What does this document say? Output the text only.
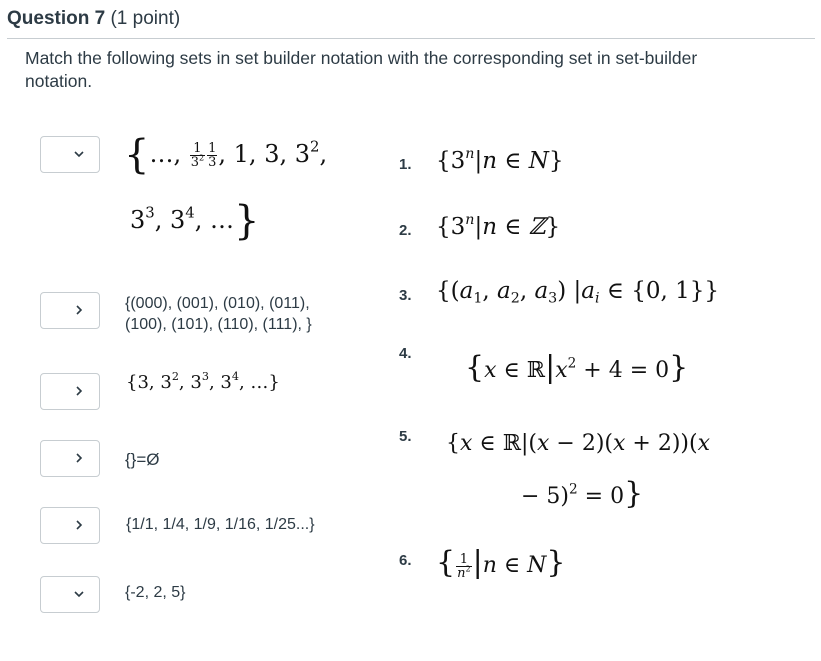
Question 7 (1 point)
Match the following sets in set builder notation with the corresponding set in set-builder notation.
{…, $\frac{1}{3^2} \frac{1}{3}$ , 1, 3, $3^2$,
$3^3$, $3^4$, …}
{(000), (001), (010), (011),
(100), (101), (110), (111), }
{3, $3^2$, $3^3$, $3^4$, …}
{}=Ø
{1/1, 1/4, 1/9, 1/16, 1/25...}
{-2, 2, 5}
1. {3$^n$|n ∈ N}
2. {3$^n$|n ∈ ℤ}
3. {($a_1$, $a_2$, $a_3$) $|a_i$ ∈ {0, 1}}
4. {x ∈ $ℝ|x^2 + 4 = 0$}
5. {x ∈ ℝ|(x − 2)(x + 2))(x
− 5)$^2$ = 0}
6. { $\frac{1}{n^2} |n$ ∈ N}
